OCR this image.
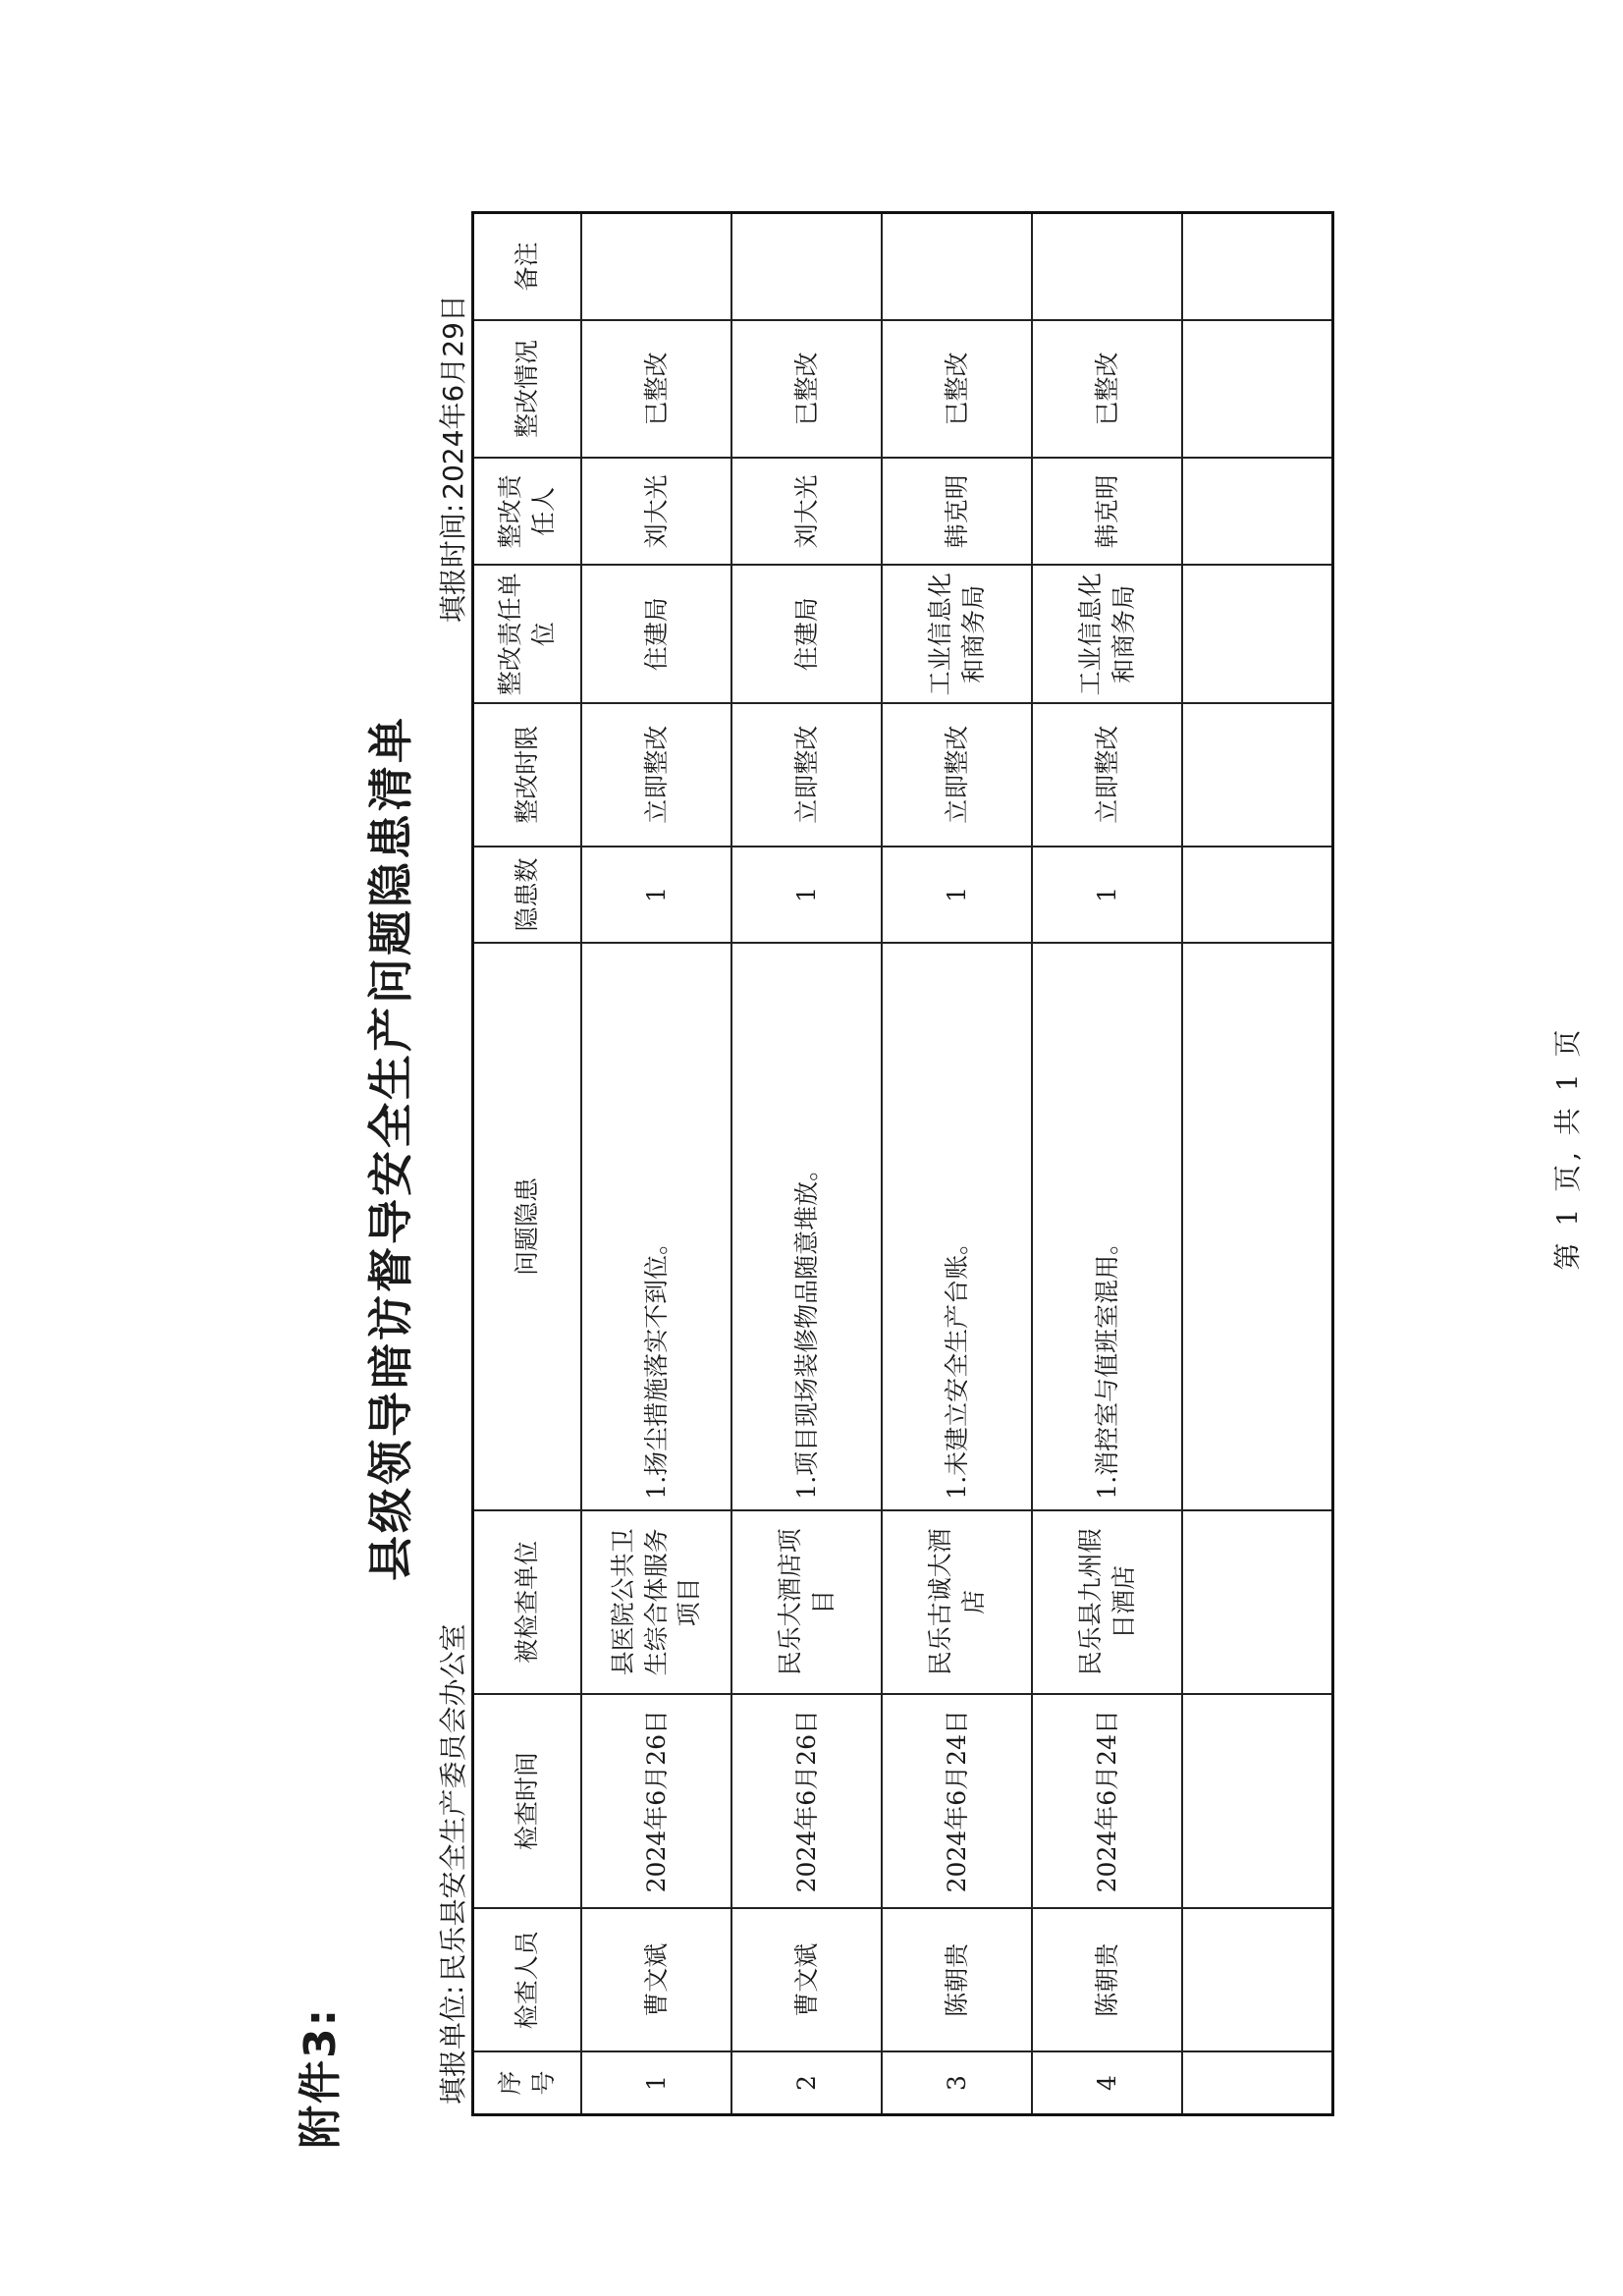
附件3:
县级领导暗访督导安全生产问题隐患清单
填报单位:民乐县安全生产委员会办公室
填报时间:2024年6月29日
序号	检查人员	检查时间	被检查单位	问题隐患	隐患数	整改时限	整改责任单位	整改责任人	整改情况	备注
1	曹文斌	2024年6月26日	县医院公共卫生综合体服务项目	1.扬尘措施落实不到位。	1	立即整改	住建局	刘大光	已整改	
2	曹文斌	2024年6月26日	民乐大酒店项目	1.项目现场装修物品随意堆放。	1	立即整改	住建局	刘大光	已整改	
3	陈朝贵	2024年6月24日	民乐古诚大酒店	1.未建立安全生产台账。	1	立即整改	工业信息化和商务局	韩克明	已整改	
4	陈朝贵	2024年6月24日	民乐县九州假日酒店	1.消控室与值班室混用。	1	立即整改	工业信息化和商务局	韩克明	已整改	

第 1 页, 共 1 页
